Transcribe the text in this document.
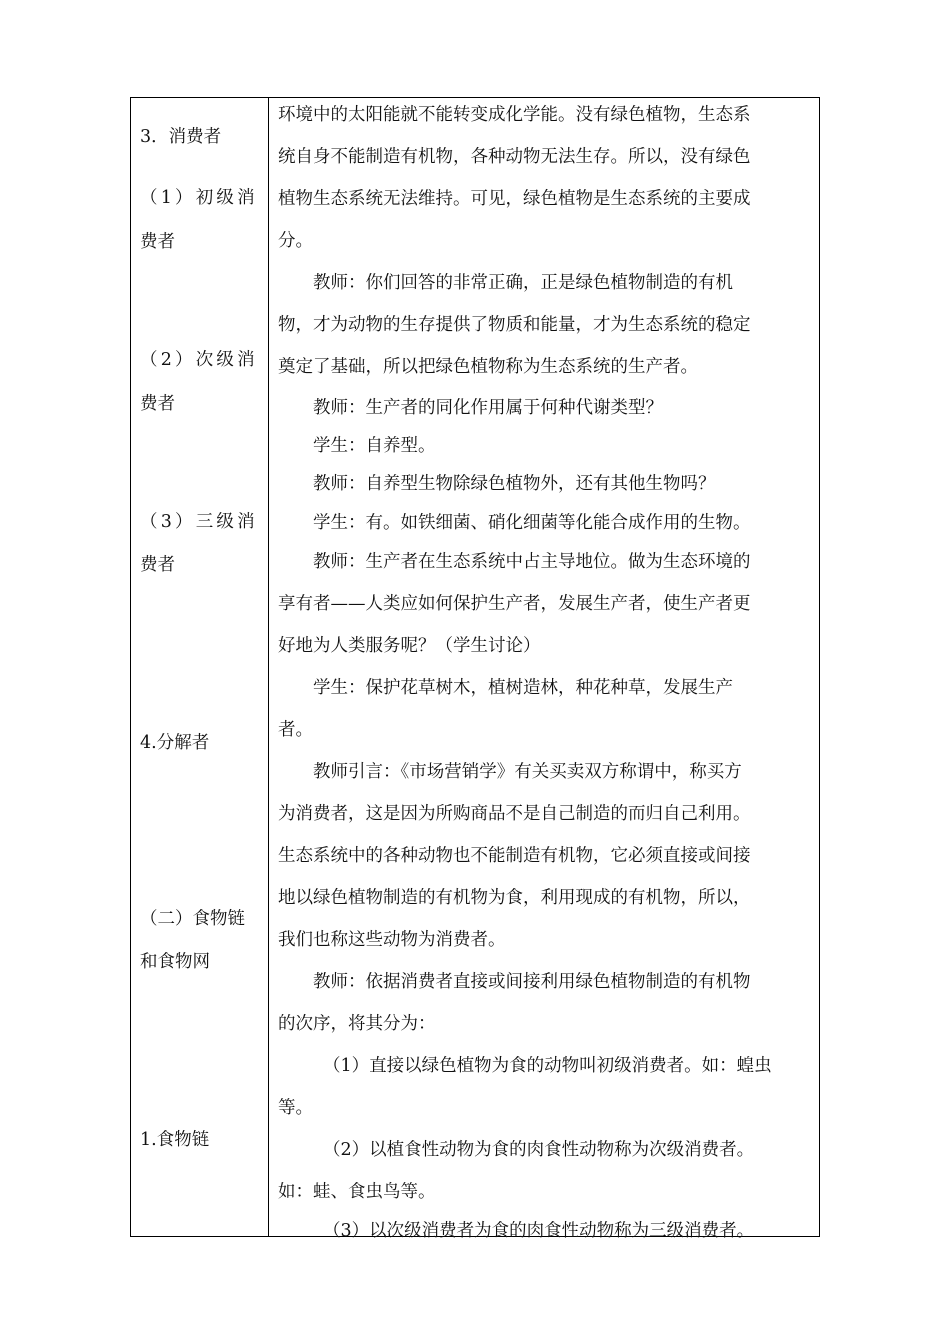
3．消费者
（1）初级消
费者
（2）次级消
费者
（3）三级消
费者
4.分解者
（二）食物链
和食物网
1.食物链
环境中的太阳能就不能转变成化学能。没有绿色植物，生态系
统自身不能制造有机物，各种动物无法生存。所以，没有绿色
植物生态系统无法维持。可见，绿色植物是生态系统的主要成
分。
教师：你们回答的非常正确，正是绿色植物制造的有机
物，才为动物的生存提供了物质和能量，才为生态系统的稳定
奠定了基础，所以把绿色植物称为生态系统的生产者。
教师：生产者的同化作用属于何种代谢类型？
学生：自养型。
教师：自养型生物除绿色植物外，还有其他生物吗？
学生：有。如铁细菌、硝化细菌等化能合成作用的生物。
教师：生产者在生态系统中占主导地位。做为生态环境的
享有者——人类应如何保护生产者，发展生产者，使生产者更
好地为人类服务呢？（学生讨论）
学生：保护花草树木，植树造林，种花种草，发展生产
者。
教师引言：《市场营销学》有关买卖双方称谓中，称买方
为消费者，这是因为所购商品不是自己制造的而归自己利用。
生态系统中的各种动物也不能制造有机物，它必须直接或间接
地以绿色植物制造的有机物为食，利用现成的有机物，所以，
我们也称这些动物为消费者。
教师：依据消费者直接或间接利用绿色植物制造的有机物
的次序，将其分为：
（1）直接以绿色植物为食的动物叫初级消费者。如：蝗虫
等。
（2）以植食性动物为食的肉食性动物称为次级消费者。
如：蛙、食虫鸟等。
（3）以次级消费者为食的肉食性动物称为三级消费者。
